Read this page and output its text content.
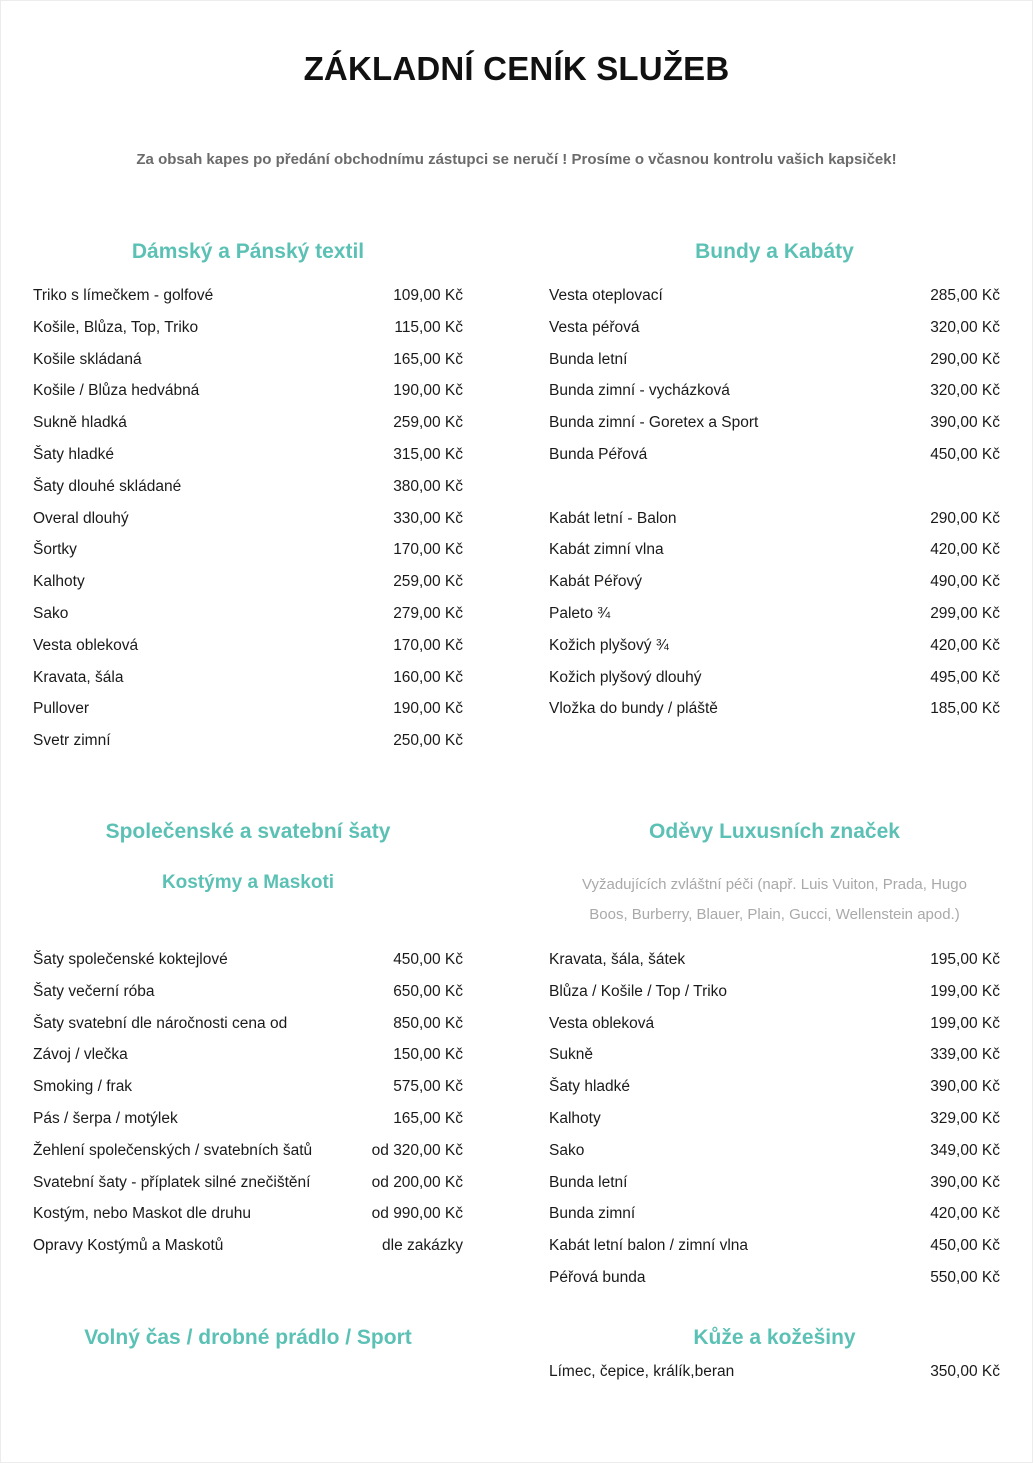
ZÁKLADNÍ CENÍK SLUŽEB
Za obsah kapes po předání obchodnímu zástupci se neručí ! Prosíme o včasnou kontrolu vašich kapsiček!
Dámský a Pánský textil
Triko s límečkem - golfové	109,00 Kč
Košile, Blůza, Top, Triko	115,00 Kč
Košile skládaná	165,00 Kč
Košile / Blůza hedvábná	190,00 Kč
Sukně hladká	259,00 Kč
Šaty hladké	315,00 Kč
Šaty dlouhé skládané	380,00 Kč
Overal dlouhý	330,00 Kč
Šortky	170,00 Kč
Kalhoty	259,00 Kč
Sako	279,00 Kč
Vesta obleková	170,00 Kč
Kravata, šála	160,00 Kč
Pullover	190,00 Kč
Svetr zimní	250,00 Kč
Bundy a Kabáty
Vesta oteplovací	285,00 Kč
Vesta péřová	320,00 Kč
Bunda letní	290,00 Kč
Bunda zimní - vycházková	320,00 Kč
Bunda zimní - Goretex a Sport	390,00 Kč
Bunda Péřová	450,00 Kč
Kabát letní - Balon	290,00 Kč
Kabát zimní vlna	420,00 Kč
Kabát Péřový	490,00 Kč
Paleto ¾	299,00 Kč
Kožich plyšový ¾	420,00 Kč
Kožich plyšový dlouhý	495,00 Kč
Vložka do bundy / pláště	185,00 Kč
Společenské a svatební šaty
Kostýmy a Maskoti
Šaty společenské koktejlové	450,00 Kč
Šaty večerní róba	650,00 Kč
Šaty svatební dle náročnosti cena od	850,00 Kč
Závoj / vlečka	150,00 Kč
Smoking / frak	575,00 Kč
Pás / šerpa / motýlek	165,00 Kč
Žehlení společenských / svatebních šatů	od 320,00 Kč
Svatební šaty - příplatek silné znečištění	od 200,00 Kč
Kostým, nebo Maskot dle druhu	od 990,00 Kč
Opravy Kostýmů a Maskotů	dle zakázky
Oděvy Luxusních značek
Vyžadujících zvláštní péči (např. Luis Vuiton, Prada, Hugo
Boos, Burberry, Blauer, Plain, Gucci, Wellenstein apod.)
Kravata, šála, šátek	195,00 Kč
Blůza / Košile / Top / Triko	199,00 Kč
Vesta obleková	199,00 Kč
Sukně	339,00 Kč
Šaty hladké	390,00 Kč
Kalhoty	329,00 Kč
Sako	349,00 Kč
Bunda letní	390,00 Kč
Bunda zimní	420,00 Kč
Kabát letní balon / zimní vlna	450,00 Kč
Péřová bunda	550,00 Kč
Volný čas / drobné prádlo / Sport	Kůže a kožešiny
Límec, čepice, králík,beran	350,00 Kč
